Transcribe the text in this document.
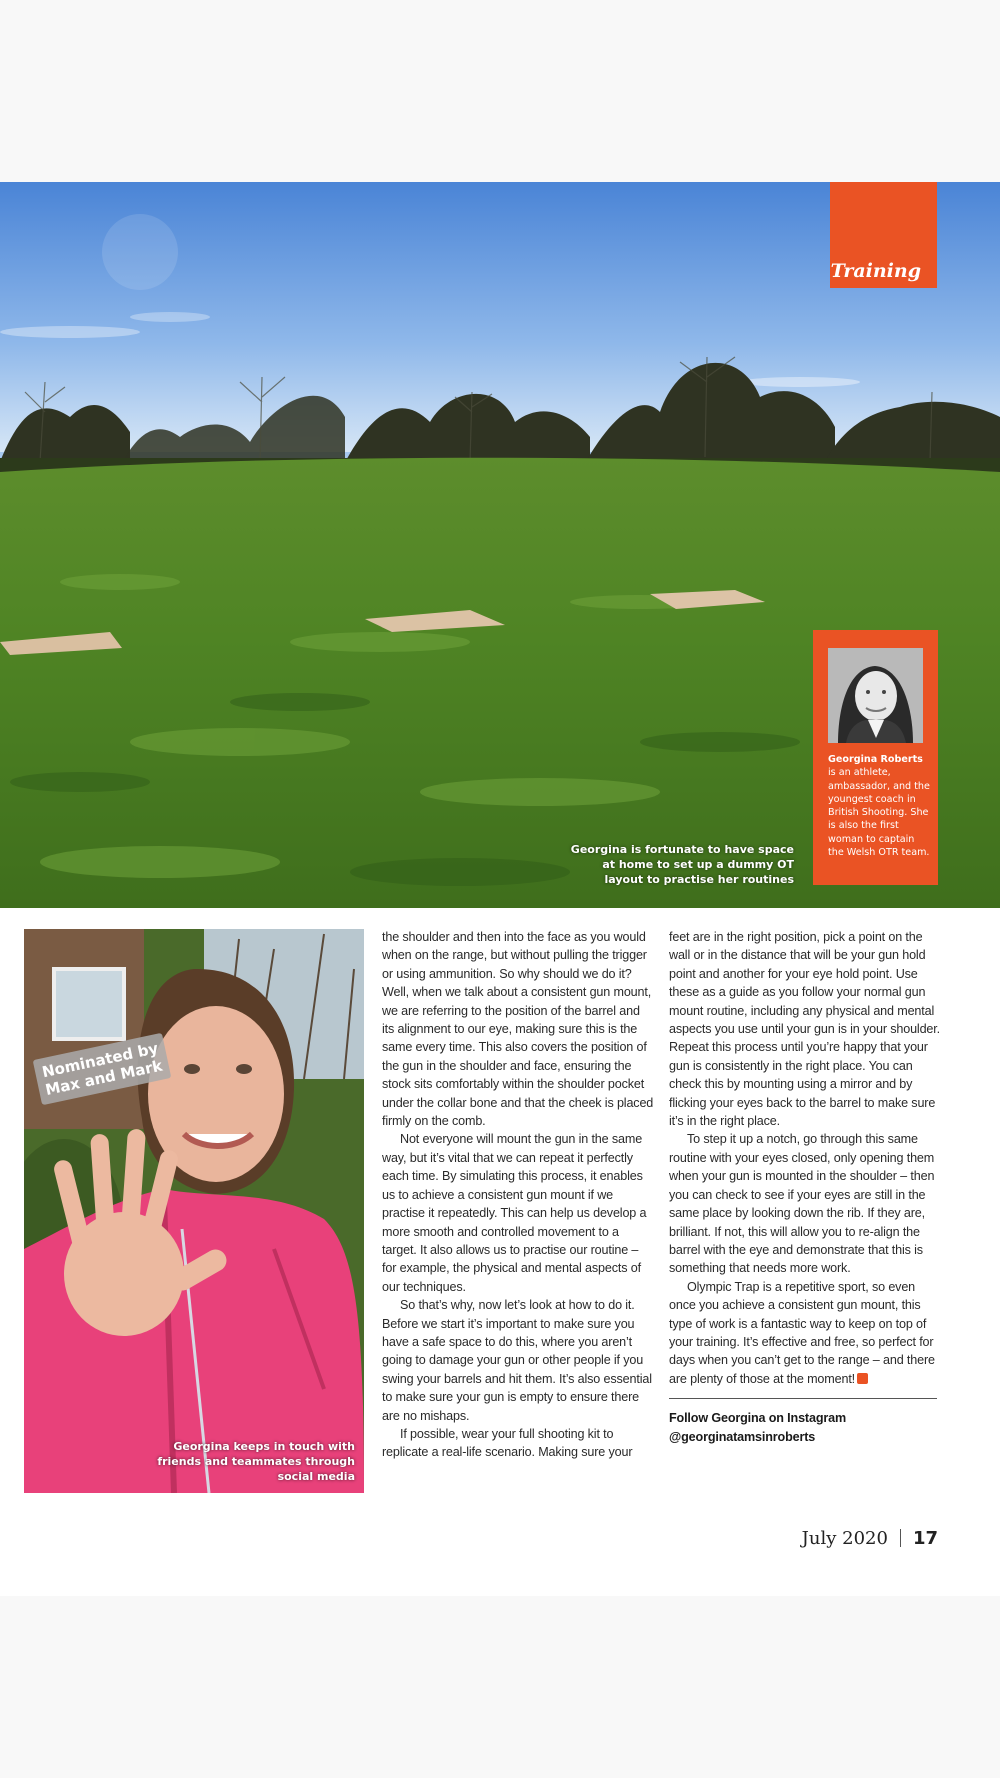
Training
Georgina is fortunate to have space at home to set up a dummy OT layout to practise her routines
Georgina Roberts
is an athlete, ambassador, and the youngest coach in British Shooting. She is also the first woman to captain the Welsh OTR team.
Nominated by Max and Mark
Georgina keeps in touch with friends and teammates through social media

the shoulder and then into the face as you would when on the range, but without pulling the trigger or using ammunition. So why should we do it? Well, when we talk about a consistent gun mount, we are referring to the position of the barrel and its alignment to our eye, making sure this is the same every time. This also covers the position of the gun in the shoulder and face, ensuring the stock sits comfortably within the shoulder pocket under the collar bone and that the cheek is placed firmly on the comb.

Not everyone will mount the gun in the same way, but it’s vital that we can repeat it perfectly each time. By simulating this process, it enables us to achieve a consistent gun mount if we practise it repeatedly. This can help us develop a more smooth and controlled movement to a target. It also allows us to practise our routine – for example, the physical and mental aspects of our techniques.

So that’s why, now let’s look at how to do it. Before we start it’s important to make sure you have a safe space to do this, where you aren’t going to damage your gun or other people if you swing your barrels and hit them. It’s also essential to make sure your gun is empty to ensure there are no mishaps.

If possible, wear your full shooting kit to replicate a real-life scenario. Making sure your

feet are in the right position, pick a point on the wall or in the distance that will be your gun hold point and another for your eye hold point. Use these as a guide as you follow your normal gun mount routine, including any physical and mental aspects you use until your gun is in your shoulder. Repeat this process until you’re happy that your gun is consistently in the right place. You can check this by mounting using a mirror and by flicking your eyes back to the barrel to make sure it’s in the right place.

To step it up a notch, go through this same routine with your eyes closed, only opening them when your gun is mounted in the shoulder – then you can check to see if your eyes are still in the same place by looking down the rib. If they are, brilliant. If not, this will allow you to re-align the barrel with the eye and demonstrate that this is something that needs more work.

Olympic Trap is a repetitive sport, so even once you achieve a consistent gun mount, this type of work is a fantastic way to keep on top of your training. It’s effective and free, so perfect for days when you can’t get to the range – and there are plenty of those at the moment!

Follow Georgina on Instagram
@georginatamsinroberts
July 2020 17
